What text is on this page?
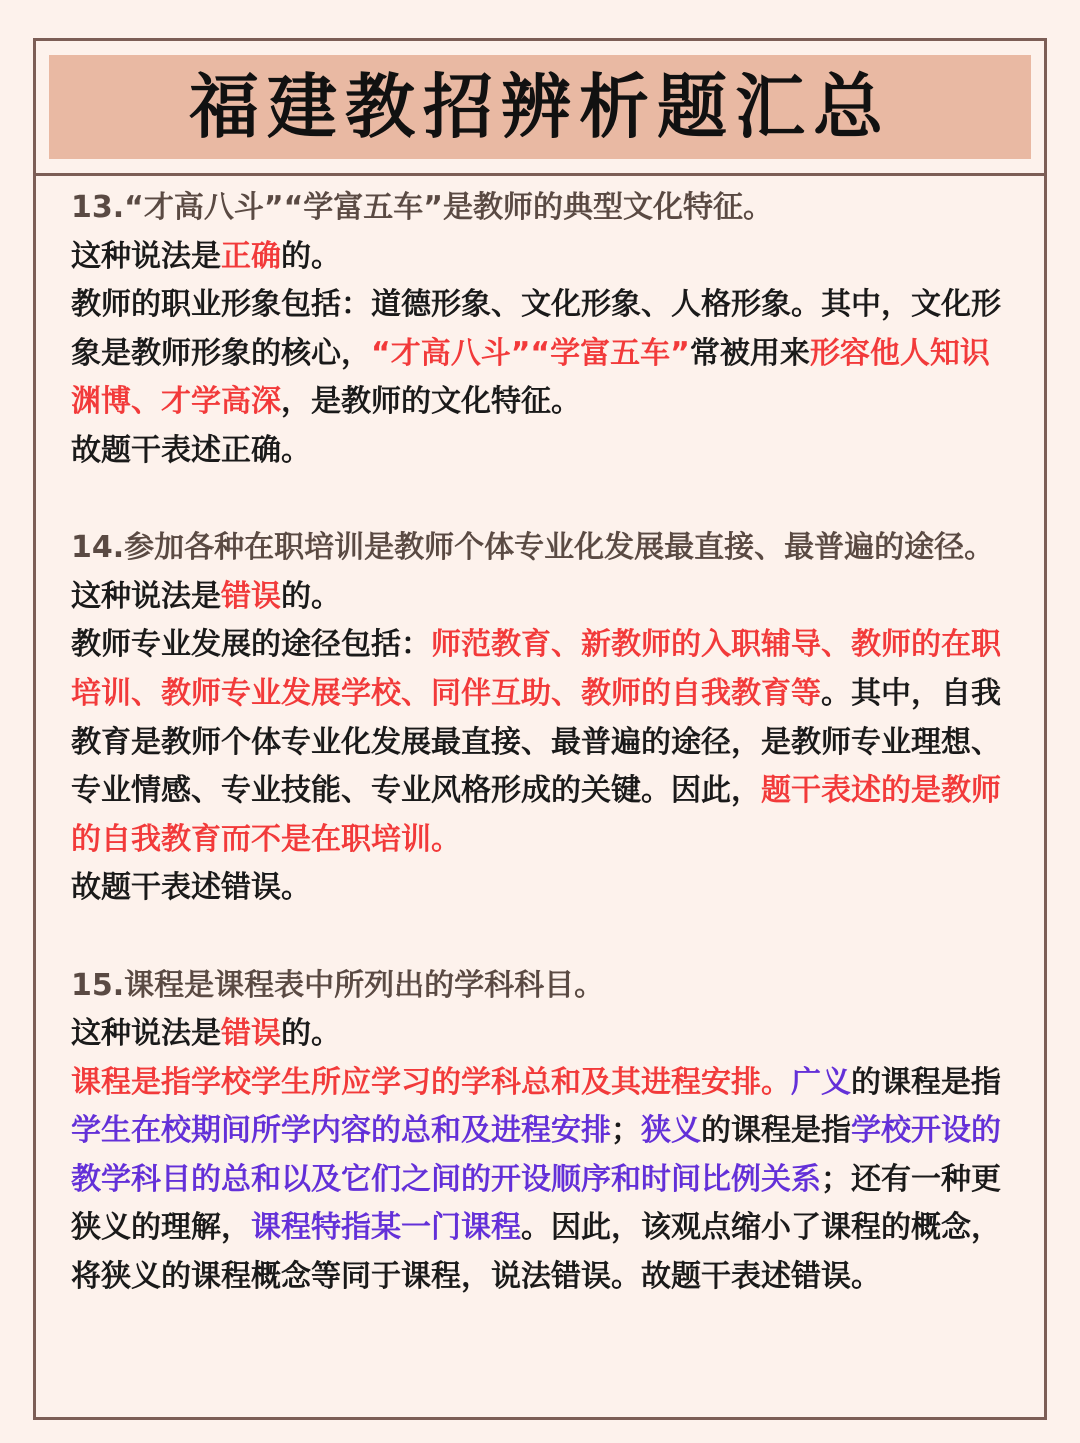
福建教招辨析题汇总

13.“才高八斗”“学富五车”是教师的典型文化特征。

这种说法是正确的。

教师的职业形象包括：道德形象、文化形象、人格形象。其中，文化形象是教师形象的核心，“才高八斗”“学富五车”常被用来形容他人知识渊博、才学高深，是教师的文化特征。

故题干表述正确。

14.参加各种在职培训是教师个体专业化发展最直接、最普遍的途径。

这种说法是错误的。

教师专业发展的途径包括：师范教育、新教师的入职辅导、教师的在职培训、教师专业发展学校、同伴互助、教师的自我教育等。其中，自我教育是教师个体专业化发展最直接、最普遍的途径，是教师专业理想、专业情感、专业技能、专业风格形成的关键。因此，题干表述的是教师的自我教育而不是在职培训。

故题干表述错误。

15.课程是课程表中所列出的学科科目。

这种说法是错误的。

课程是指学校学生所应学习的学科总和及其进程安排。广义的课程是指学生在校期间所学内容的总和及进程安排；狭义的课程是指学校开设的教学科目的总和以及它们之间的开设顺序和时间比例关系；还有一种更狭义的理解，课程特指某一门课程。因此，该观点缩小了课程的概念，将狭义的课程概念等同于课程，说法错误。故题干表述错误。
